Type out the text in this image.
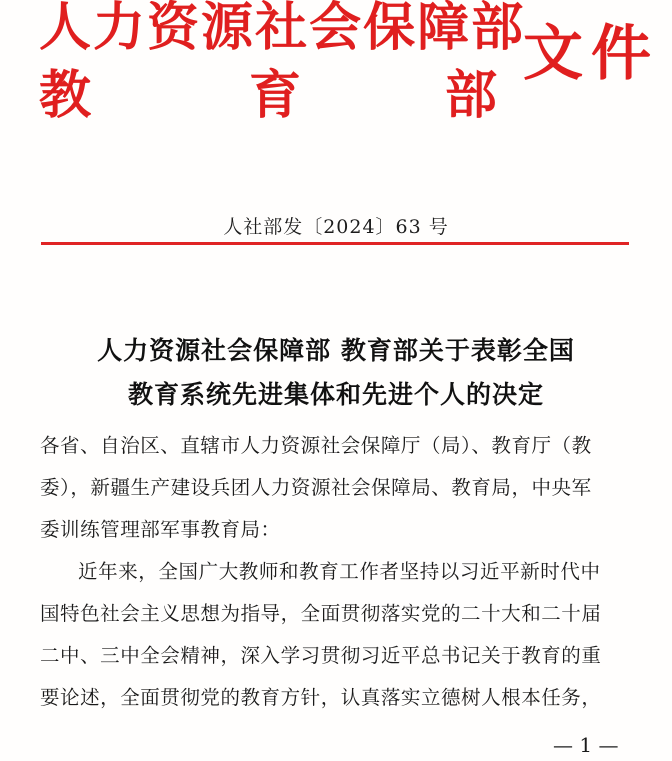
人 力 资 源 社 会 保 障 部
教	育	部
文件
人社部发〔2024〕63 号
人力资源社会保障部 教育部关于表彰全国
教育系统先进集体和先进个人的决定
各省、自治区、直辖市人力资源社会保障厅（局）、教育厅（教
委），新疆生产建设兵团人力资源社会保障局、教育局，中央军
委训练管理部军事教育局：
近年来，全国广大教师和教育工作者坚持以习近平新时代中
国特色社会主义思想为指导，全面贯彻落实党的二十大和二十届
二中、三中全会精神，深入学习贯彻习近平总书记关于教育的重
要论述，全面贯彻党的教育方针，认真落实立德树人根本任务，
— 1 —
